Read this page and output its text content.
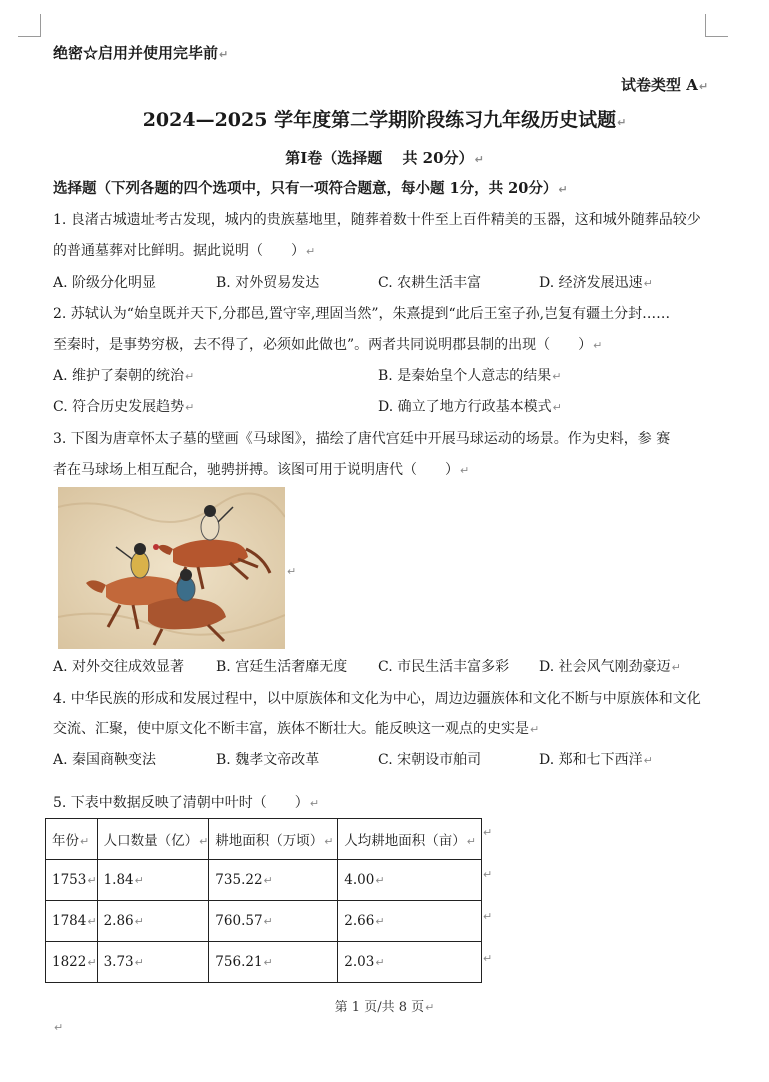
绝密☆启用并使用完毕前↵
试卷类型 A↵
2024—2025 学年度第二学期阶段练习九年级历史试题↵
第Ⅰ卷（选择题　 共 20分）↵
选择题（下列各题的四个选项中，只有一项符合题意，每小题 1分，共 20分）↵
1. 良渚古城遗址考古发现，城内的贵族墓地里，随葬着数十件至上百件精美的玉器，这和城外随葬品较少
的普通墓葬对比鲜明。据此说明（　　）↵
A. 阶级分化明显	B. 对外贸易发达	C. 农耕生活丰富	D. 经济发展迅速↵
2. 苏轼认为“始皇既并天下,分郡邑,置守宰,理固当然”，朱熹提到“此后王室子孙,岂复有疆土分封……
至秦时，是事势穷极，去不得了，必须如此做也”。两者共同说明郡县制的出现（　　）↵
A. 维护了秦朝的统治↵	B. 是秦始皇个人意志的结果↵
C. 符合历史发展趋势↵	D. 确立了地方行政基本模式↵
3. 下图为唐章怀太子墓的壁画《马球图》，描绘了唐代宫廷中开展马球运动的场景。作为史料，参 赛
者在马球场上相互配合，驰骋拼搏。该图可用于说明唐代（　　）↵
↵
A. 对外交往成效显著 B. 宫廷生活奢靡无度 C. 市民生活丰富多彩 D. 社会风气刚劲豪迈↵
4. 中华民族的形成和发展过程中，以中原族体和文化为中心，周边边疆族体和文化不断与中原族体和文化
交流、汇聚，使中原文化不断丰富，族体不断壮大。能反映这一观点的史实是↵
A. 秦国商鞅变法	B. 魏孝文帝改革	C. 宋朝设市舶司	D. 郑和七下西洋↵
5. 下表中数据反映了清朝中叶时（　　）↵
年份↵	人口数量（亿）↵	耕地面积（万顷）↵	人均耕地面积（亩）↵
1753↵	1.84↵	735.22↵	4.00↵
1784↵	2.86↵	760.57↵	2.66↵
1822↵	3.73↵	756.21↵	2.03↵
↵
↵
↵
↵
第 1 页/共 8 页↵
↵
